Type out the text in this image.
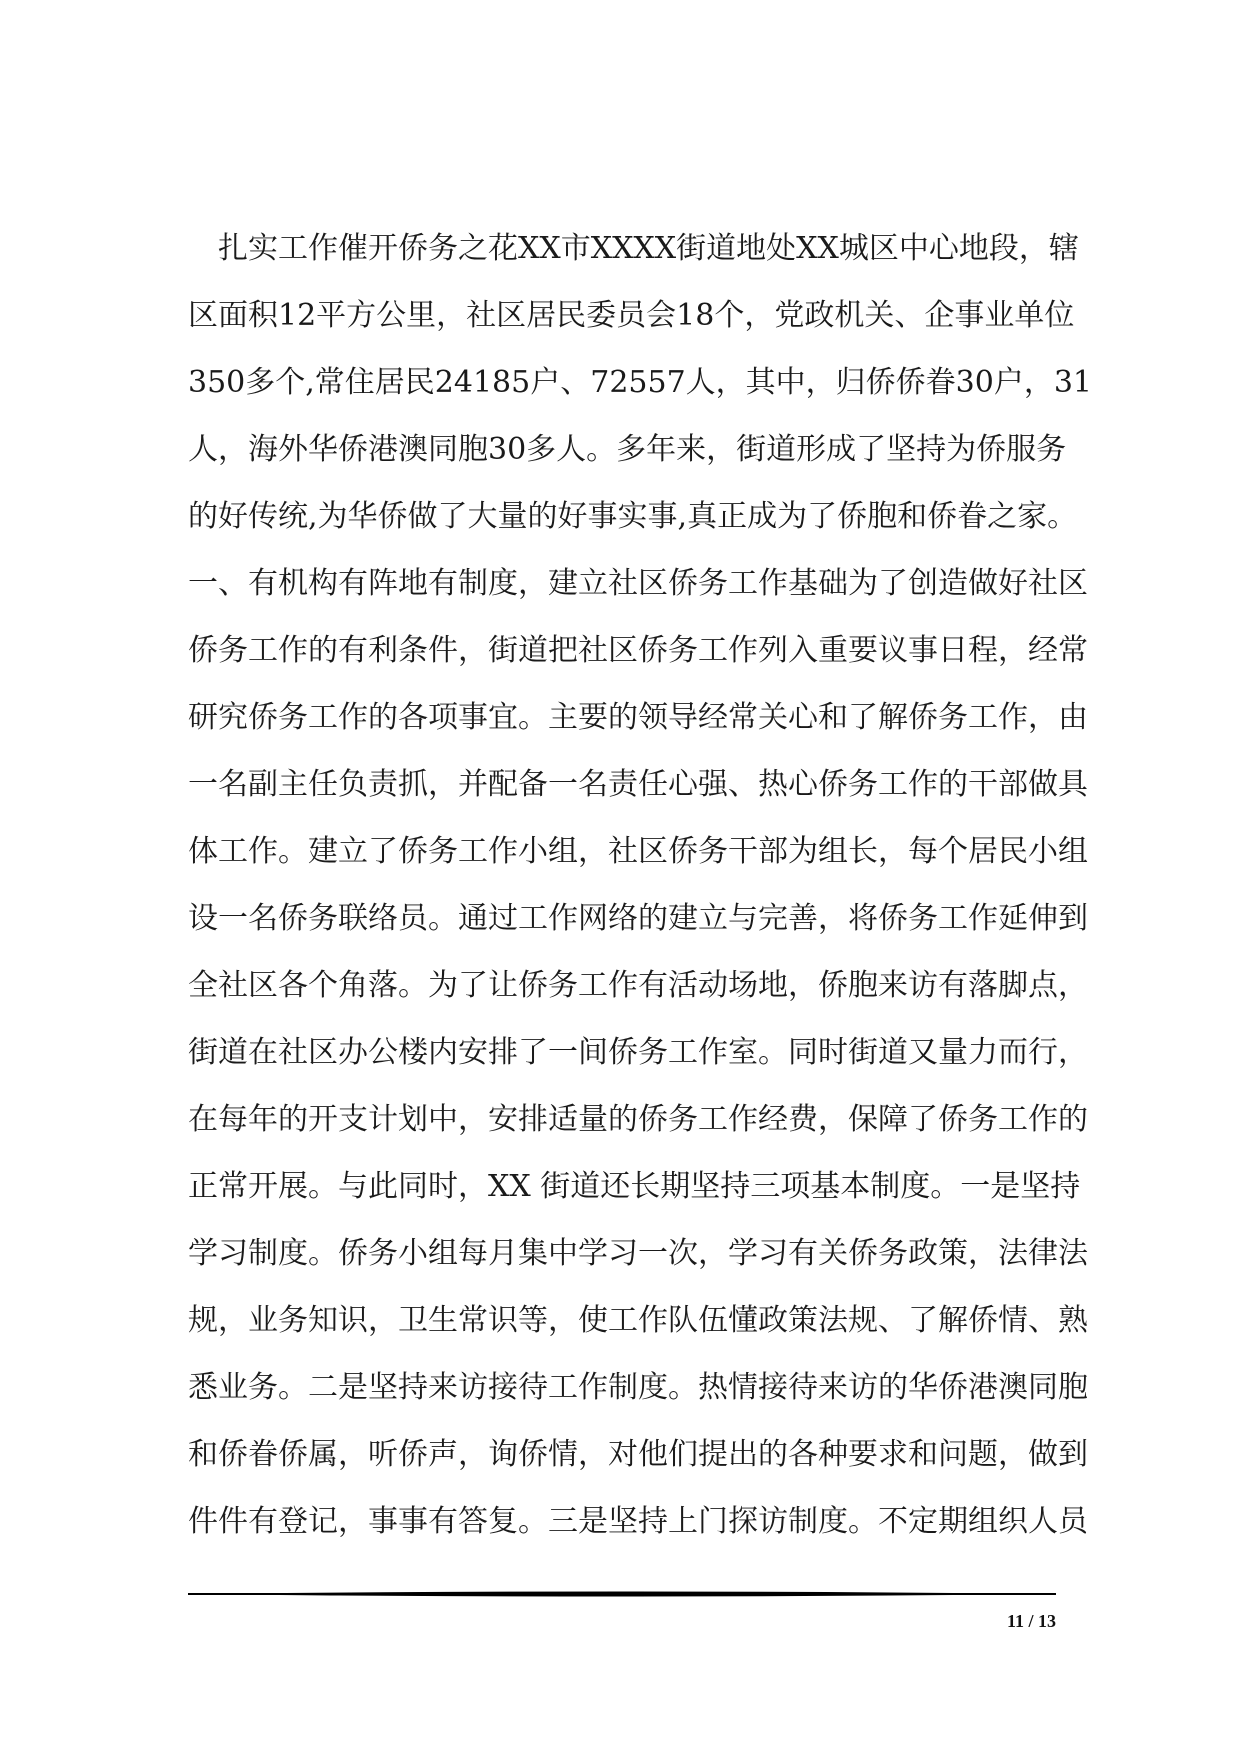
扎实工作催开侨务之花XX市XXXX街道地处XX城区中心地段，辖
区面积12平方公里，社区居民委员会18个，党政机关、企事业单位
350多个,常住居民24185户、72557人，其中，归侨侨眷30户，31
人，海外华侨港澳同胞30多人。多年来，街道形成了坚持为侨服务
的好传统,为华侨做了大量的好事实事,真正成为了侨胞和侨眷之家。
一、有机构有阵地有制度，建立社区侨务工作基础为了创造做好社区
侨务工作的有利条件，街道把社区侨务工作列入重要议事日程，经常
研究侨务工作的各项事宜。主要的领导经常关心和了解侨务工作，由
一名副主任负责抓，并配备一名责任心强、热心侨务工作的干部做具
体工作。建立了侨务工作小组，社区侨务干部为组长，每个居民小组
设一名侨务联络员。通过工作网络的建立与完善，将侨务工作延伸到
全社区各个角落。为了让侨务工作有活动场地，侨胞来访有落脚点，
街道在社区办公楼内安排了一间侨务工作室。同时街道又量力而行，
在每年的开支计划中，安排适量的侨务工作经费，保障了侨务工作的
正常开展。与此同时，XX 街道还长期坚持三项基本制度。一是坚持
学习制度。侨务小组每月集中学习一次，学习有关侨务政策，法律法
规，业务知识，卫生常识等，使工作队伍懂政策法规、了解侨情、熟
悉业务。二是坚持来访接待工作制度。热情接待来访的华侨港澳同胞
和侨眷侨属，听侨声，询侨情，对他们提出的各种要求和问题，做到
件件有登记，事事有答复。三是坚持上门探访制度。不定期组织人员
11 / 13
